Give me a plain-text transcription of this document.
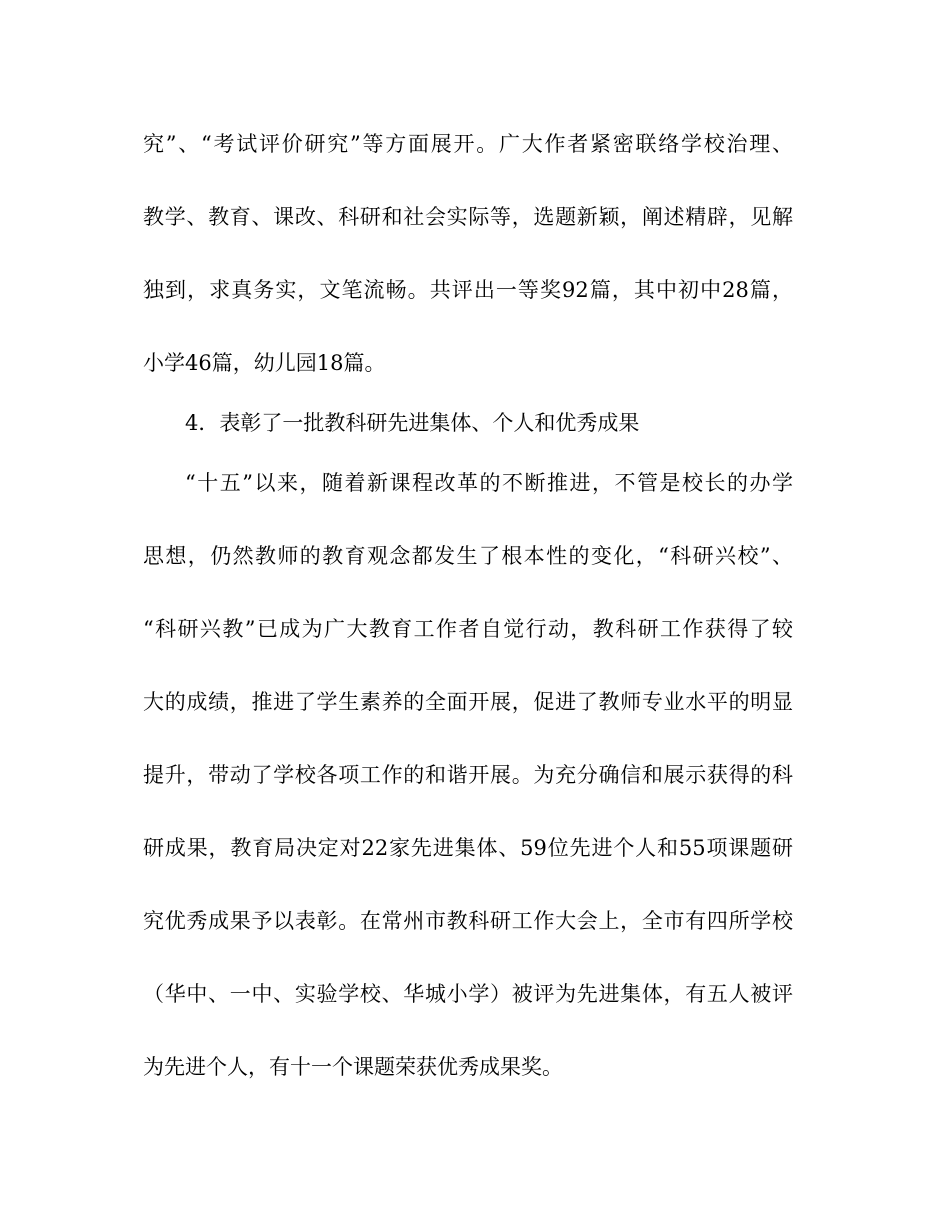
究”、“考试评价研究”等方面展开。广大作者紧密联络学校治理、
教学、教育、课改、科研和社会实际等，选题新颖，阐述精辟，见解
独到，求真务实，文笔流畅。共评出一等奖92篇，其中初中28篇，
小学46篇，幼儿园18篇。
4．表彰了一批教科研先进集体、个人和优秀成果
“十五”以来，随着新课程改革的不断推进，不管是校长的办学
思想，仍然教师的教育观念都发生了根本性的变化，“科研兴校”、
“科研兴教”已成为广大教育工作者自觉行动，教科研工作获得了较
大的成绩，推进了学生素养的全面开展，促进了教师专业水平的明显
提升，带动了学校各项工作的和谐开展。为充分确信和展示获得的科
研成果，教育局决定对22家先进集体、59位先进个人和55项课题研
究优秀成果予以表彰。在常州市教科研工作大会上，全市有四所学校
（华中、一中、实验学校、华城小学）被评为先进集体，有五人被评
为先进个人，有十一个课题荣获优秀成果奖。
